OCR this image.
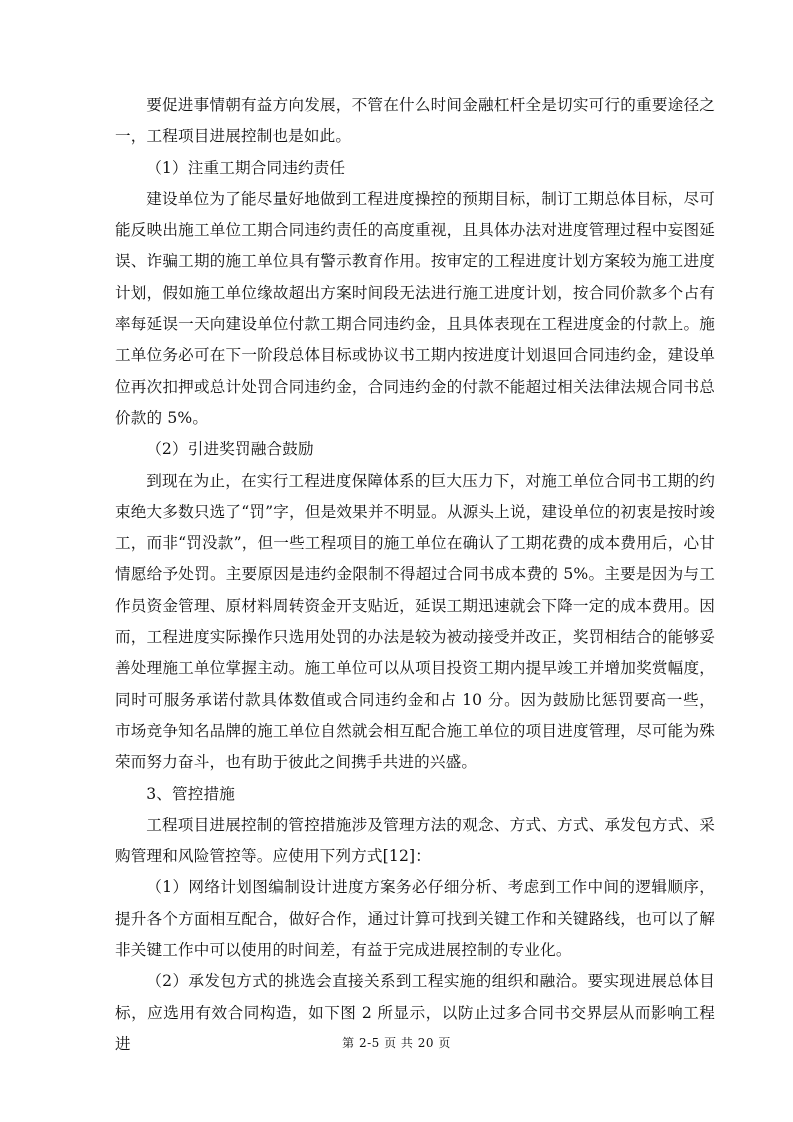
要促进事情朝有益方向发展，不管在什么时间金融杠杆全是切实可行的重要途径之一，工程项目进展控制也是如此。

（1）注重工期合同违约责任

建设单位为了能尽量好地做到工程进度操控的预期目标，制订工期总体目标，尽可能反映出施工单位工期合同违约责任的高度重视，且具体办法对进度管理过程中妄图延误、诈骗工期的施工单位具有警示教育作用。按审定的工程进度计划方案较为施工进度计划，假如施工单位缘故超出方案时间段无法进行施工进度计划，按合同价款多个占有率每延误一天向建设单位付款工期合同违约金，且具体表现在工程进度金的付款上。施工单位务必可在下一阶段总体目标或协议书工期内按进度计划退回合同违约金，建设单位再次扣押或总计处罚合同违约金，合同违约金的付款不能超过相关法律法规合同书总价款的 5%。

（2）引进奖罚融合鼓励

到现在为止，在实行工程进度保障体系的巨大压力下，对施工单位合同书工期的约束绝大多数只选了“罚”字，但是效果并不明显。从源头上说，建设单位的初衷是按时竣工，而非“罚没款”，但一些工程项目的施工单位在确认了工期花费的成本费用后，心甘情愿给予处罚。主要原因是违约金限制不得超过合同书成本费的 5%。主要是因为与工作员资金管理、原材料周转资金开支贴近，延误工期迅速就会下降一定的成本费用。因而，工程进度实际操作只选用处罚的办法是较为被动接受并改正，奖罚相结合的能够妥善处理施工单位掌握主动。施工单位可以从项目投资工期内提早竣工并增加奖赏幅度，同时可服务承诺付款具体数值或合同违约金和占 10 分。因为鼓励比惩罚要高一些， 市场竞争知名品牌的施工单位自然就会相互配合施工单位的项目进度管理，尽可能为殊荣而努力奋斗，也有助于彼此之间携手共进的兴盛。

3、管控措施

工程项目进展控制的管控措施涉及管理方法的观念、方式、方式、承发包方式、采购管理和风险管控等。应使用下列方式[12]：

（1）网络计划图编制设计进度方案务必仔细分析、考虑到工作中间的逻辑顺序，提升各个方面相互配合，做好合作，通过计算可找到关键工作和关键路线，也可以了解非关键工作中可以使用的时间差，有益于完成进展控制的专业化。

（2）承发包方式的挑选会直接关系到工程实施的组织和融洽。要实现进展总体目标，应选用有效合同构造，如下图 2 所显示，以防止过多合同书交界层从而影响工程进	第 2-5 页 共 20 页
